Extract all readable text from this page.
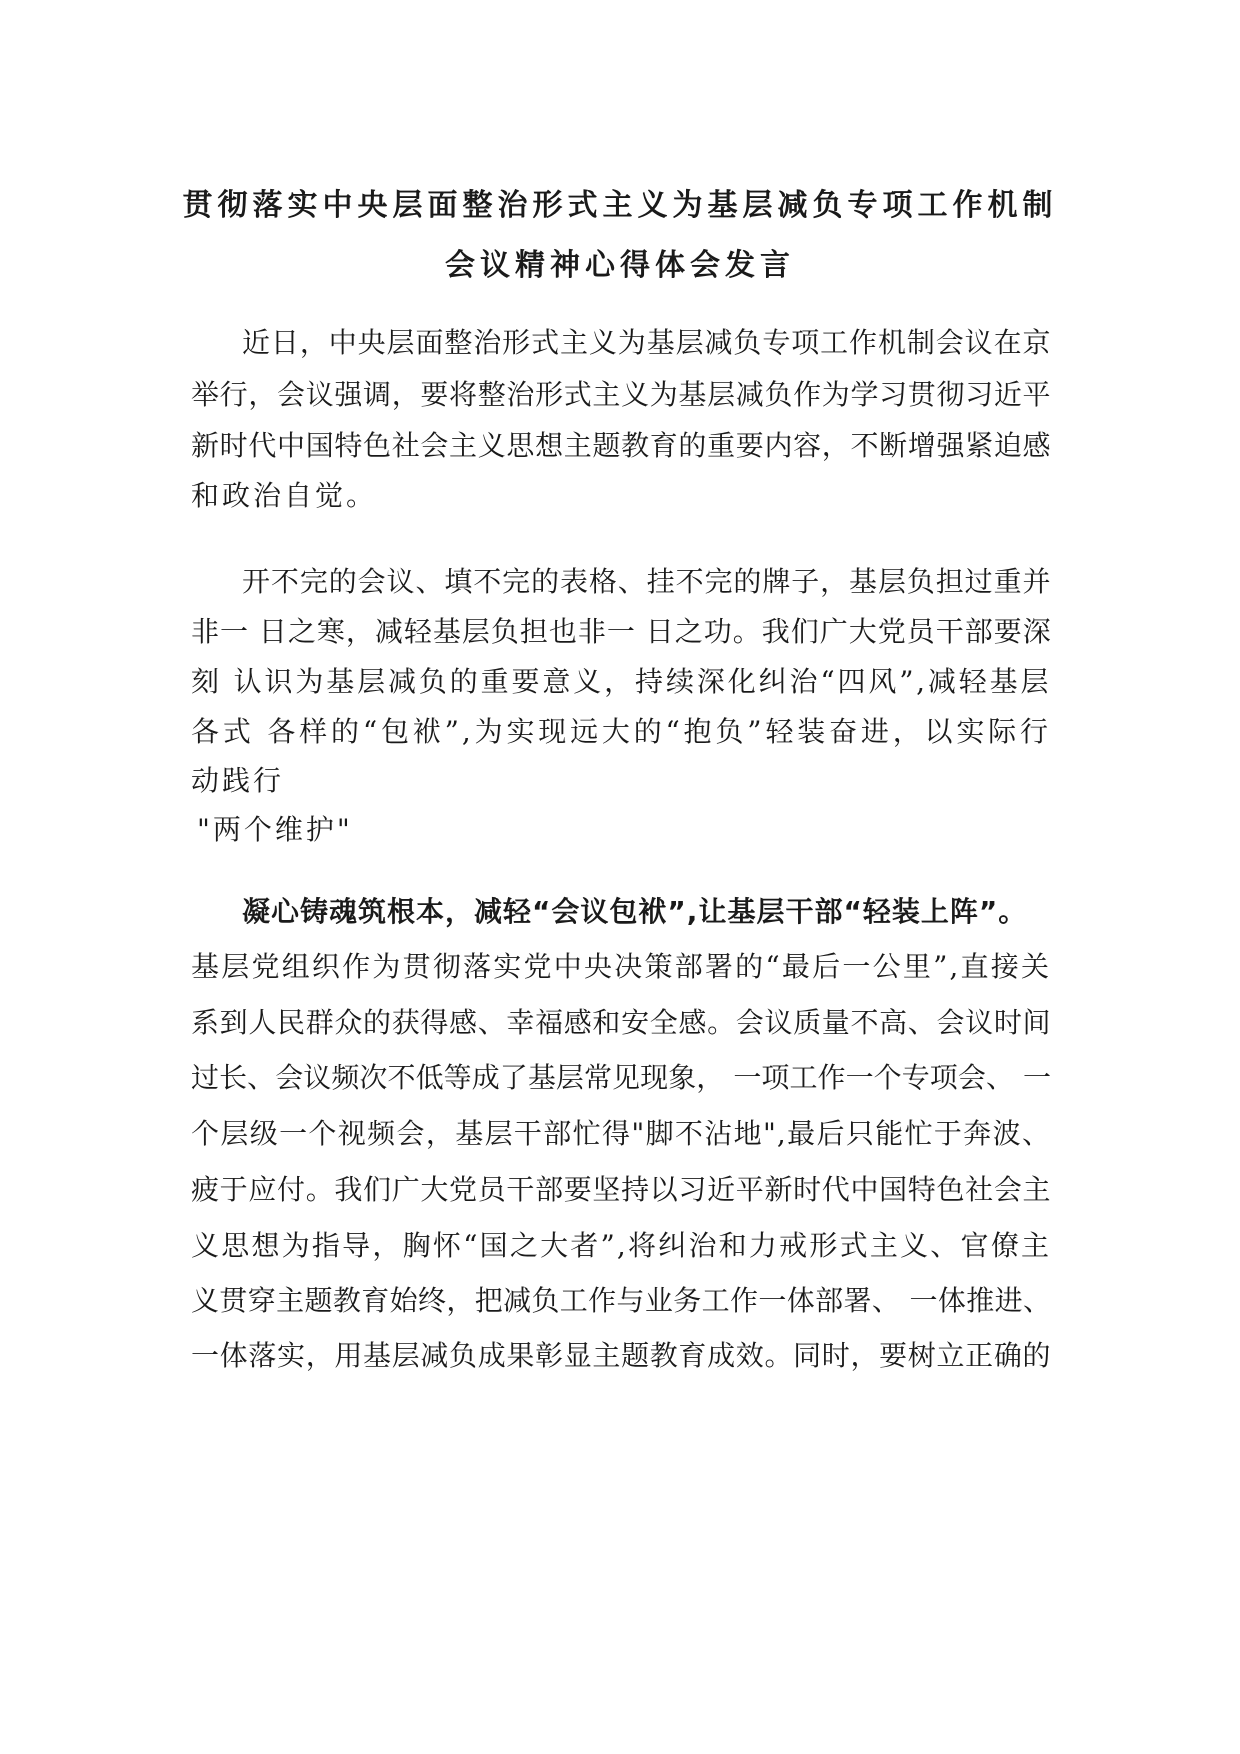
贯彻落实中央层面整治形式主义为基层减负专项工作机制
会议精神心得体会发言
近日，中央层面整治形式主义为基层减负专项工作机制会议在京
举行，会议强调，要将整治形式主义为基层减负作为学习贯彻习近平
新时代中国特色社会主义思想主题教育的重要内容，不断增强紧迫感
和政治自觉。
开不完的会议、填不完的表格、挂不完的牌子，基层负担过重并
非一 日之寒，减轻基层负担也非一 日之功。我们广大党员干部要深
刻 认识为基层减负的重要意义，持续深化纠治“四风”,减轻基层
各式 各样的“包袱”,为实现远大的“抱负”轻装奋进，以实际行
动践行
"两个维护"
凝心铸魂筑根本，减轻“会议包袱”,让基层干部“轻装上阵”。
基层党组织作为贯彻落实党中央决策部署的“最后一公里”,直接关
系到人民群众的获得感、幸福感和安全感。会议质量不高、会议时间
过长、会议频次不低等成了基层常见现象， 一项工作一个专项会、 一
个层级一个视频会，基层干部忙得"脚不沾地",最后只能忙于奔波、
疲于应付。我们广大党员干部要坚持以习近平新时代中国特色社会主
义思想为指导，胸怀“国之大者”,将纠治和力戒形式主义、官僚主
义贯穿主题教育始终，把减负工作与业务工作一体部署、 一体推进、
一体落实，用基层减负成果彰显主题教育成效。同时，要树立正确的
